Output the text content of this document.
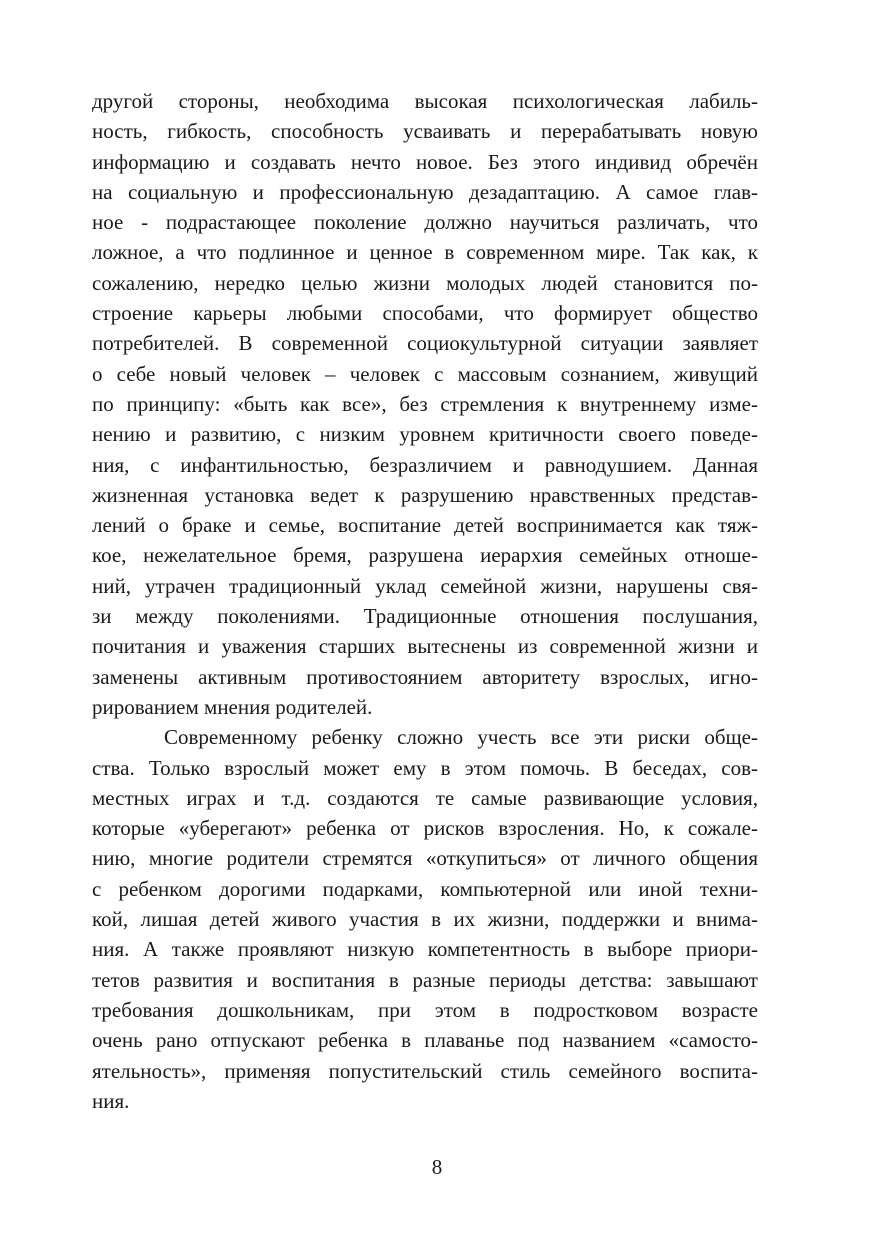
другой стороны, необходима высокая психологическая лабиль-
ность, гибкость, способность усваивать и перерабатывать новую
информацию и создавать нечто новое. Без этого индивид обречён
на социальную и профессиональную дезадаптацию. А самое глав-
ное - подрастающее поколение должно научиться различать, что
ложное, а что подлинное и ценное в современном мире. Так как, к
сожалению, нередко целью жизни молодых людей становится по-
строение карьеры любыми способами, что формирует общество
потребителей. В современной социокультурной ситуации заявляет
о себе новый человек – человек с массовым сознанием, живущий
по принципу: «быть как все», без стремления к внутреннему изме-
нению и развитию, с низким уровнем критичности своего поведе-
ния, с инфантильностью, безразличием и равнодушием. Данная
жизненная установка ведет к разрушению нравственных представ-
лений о браке и семье, воспитание детей воспринимается как тяж-
кое, нежелательное бремя, разрушена иерархия семейных отноше-
ний, утрачен традиционный уклад семейной жизни, нарушены свя-
зи между поколениями. Традиционные отношения послушания,
почитания и уважения старших вытеснены из современной жизни и
заменены активным противостоянием авторитету взрослых, игно-
рированием мнения родителей.
Современному ребенку сложно учесть все эти риски обще-
ства. Только взрослый может ему в этом помочь. В беседах, сов-
местных играх и т.д. создаются те самые развивающие условия,
которые «уберегают» ребенка от рисков взросления. Но, к сожале-
нию, многие родители стремятся «откупиться» от личного общения
с ребенком дорогими подарками, компьютерной или иной техни-
кой, лишая детей живого участия в их жизни, поддержки и внима-
ния. А также проявляют низкую компетентность в выборе приори-
тетов развития и воспитания в разные периоды детства: завышают
требования дошкольникам, при этом в подростковом возрасте
очень рано отпускают ребенка в плаванье под названием «самосто-
ятельность», применяя попустительский стиль семейного воспита-
ния.
8
